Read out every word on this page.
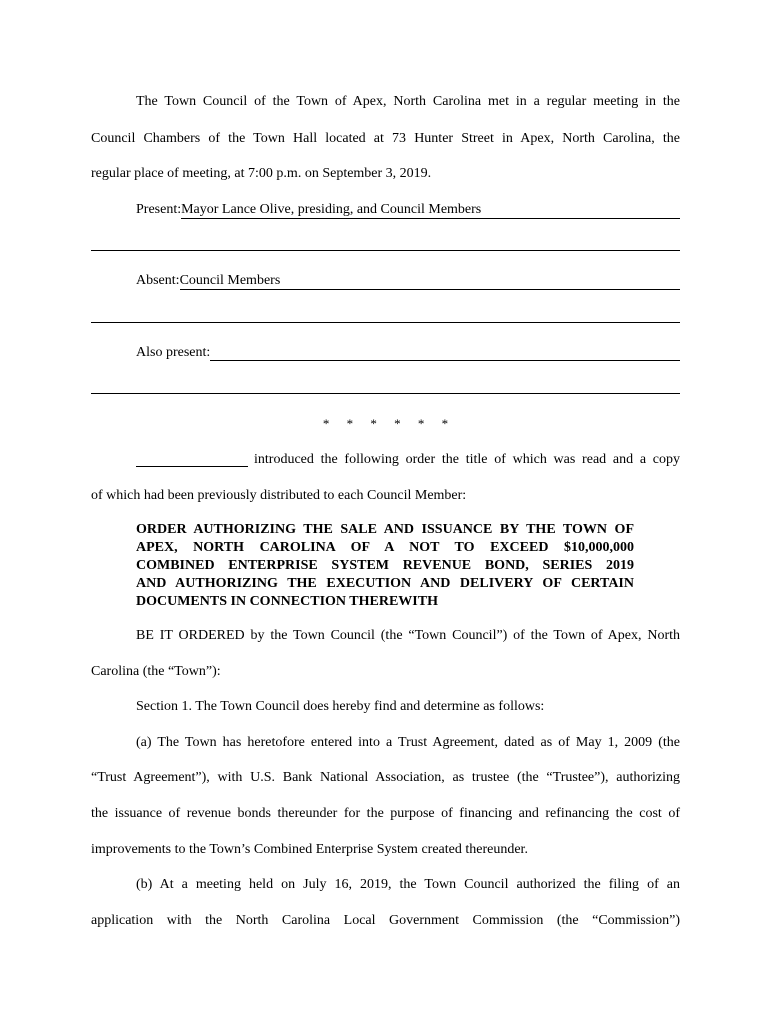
The Town Council of the Town of Apex, North Carolina met in a regular meeting in the
Council Chambers of the Town Hall located at 73 Hunter Street in Apex, North Carolina, the
regular place of meeting, at 7:00 p.m. on September 3, 2019.
Present: Mayor Lance Olive, presiding, and Council Members
Absent: Council Members
Also present:
* * * * * *
introduced the following order the title of which was read and a copy
of which had been previously distributed to each Council Member:
ORDER AUTHORIZING THE SALE AND ISSUANCE BY THE TOWN OF
APEX, NORTH CAROLINA OF A NOT TO EXCEED $10,000,000
COMBINED ENTERPRISE SYSTEM REVENUE BOND, SERIES 2019
AND AUTHORIZING THE EXECUTION AND DELIVERY OF CERTAIN
DOCUMENTS IN CONNECTION THEREWITH
BE IT ORDERED by the Town Council (the “Town Council”) of the Town of Apex, North
Carolina (the “Town”):
Section 1. The Town Council does hereby find and determine as follows:
(a) The Town has heretofore entered into a Trust Agreement, dated as of May 1, 2009 (the
“Trust Agreement”), with U.S. Bank National Association, as trustee (the “Trustee”), authorizing
the issuance of revenue bonds thereunder for the purpose of financing and refinancing the cost of
improvements to the Town’s Combined Enterprise System created thereunder.
(b) At a meeting held on July 16, 2019, the Town Council authorized the filing of an
application with the North Carolina Local Government Commission (the “Commission”)
